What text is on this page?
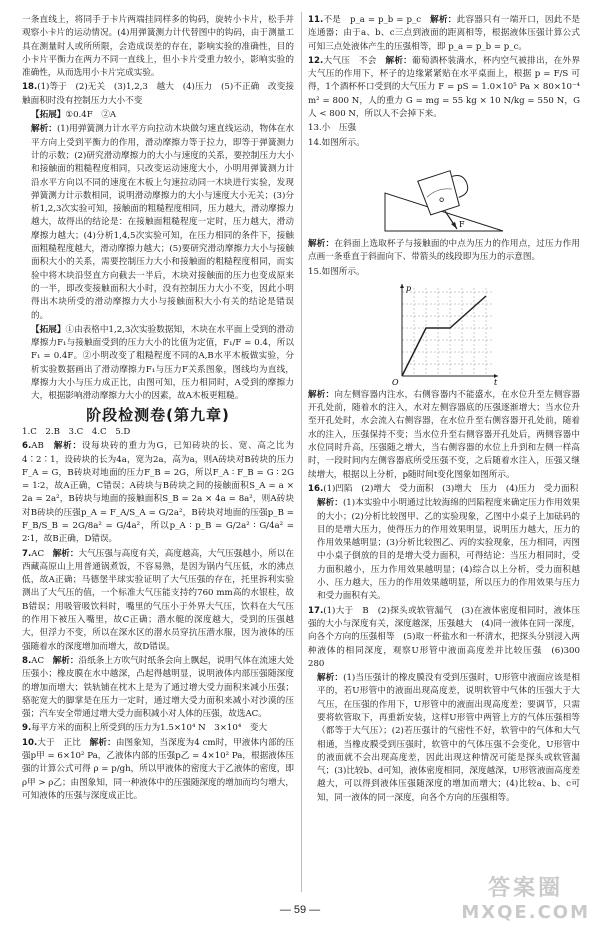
一条直线上，将同手于卡片两端挂同样多的钩码，旋转小卡片，松手并观察小卡片的运动情况。(4)用弹簧测力计代替图中的钩码，由于测量工具在测量时人或所所限，会造成误差的存在，影响实验的准确性，目的小卡片平衡力在两力不同一直线上，但小卡片受重力较小，影响实验的准确性，从而选用小卡片完成实验。

18.(1)等于　(2)无关　(3)1,2,3　越大　(4)压力　(5)不正确　改变接触面积时没有控制压力大小不变

【拓展】①0.4F　②A

解析：(1)用弹簧测力计水平方向拉动木块做匀速直线运动，物体在水平方向上受到平衡力的作用，滑动摩擦力等于拉力，即等于弹簧测力计的示数；(2)研究滑动摩擦力的大小与速度的关系，要控制压力大小和接触面的粗糙程度相同，只改变运动速度大小，小明用弹簧测力计沿水平方向以不同的速度在木板上匀速拉动同一木块进行实验，发现弹簧测力计示数相同，说明滑动摩擦力的大小与速度大小无关；(3)分析1,2,3次实验可知，接触面的粗糙程度相同，压力越大，滑动摩擦力越大，故得出的结论是：在接触面粗糙程度一定时，压力越大，滑动摩擦力越大；(4)分析1,4,5次实验可知，在压力相同的条件下，接触面粗糙程度越大，滑动摩擦力越大；(5)要研究滑动摩擦力大小与接触面积大小的关系，需要控制压力大小和接触面的粗糙程度相同，而实验中将木块沿竖直方向截去一半后，木块对接触面的压力也变成原来的一半，即改变接触面积大小时，没有控制压力大小不变，因此小明得出木块所受的滑动摩擦力大小与接触面积大小有关的结论是错误的。

【拓展】①由表格中1,2,3次实验数据知，木块在水平面上受到的滑动摩擦力F₁与接触面受到的压力大小的比值为定值，F₁/F = 0.4，所以 F₁ = 0.4F。②小明改变了粗糙程度不同的A,B水平木板做实验，分析实验数据画出了滑动摩擦力F₁与压力F关系图象，图线均为直线，摩擦力大小与压力成正比，由图可知，压力相同时，A受到的摩擦力大，根据影响滑动摩擦力大小的因素，故A木板更粗糙。

阶段检测卷(第九章)

1.C　2.B　3.C　4.C　5.D

6.AB　解析：设每块砖的重力为G，已知砖块的长、宽、高之比为4∶2∶1，设砖块的长为4a，宽为2a，高为a，则A砖块对B砖块的压力F_A = G，B砖块对地面的压力F_B = 2G，所以F_A ∶ F_B = G ∶ 2G = 1∶2，故A正确，C错误；A砖块与B砖块之间的接触面积S_A = a × 2a = 2a²，B砖块与地面的接触面积S_B = 2a × 4a = 8a²，则A砖块对B砖块的压强p_A = F_A/S_A = G/2a²，B砖块对地面的压强p_B = F_B/S_B = 2G/8a² = G/4a²，所以p_A ∶ p_B = G/2a² ∶ G/4a² = 2∶1，故B正确，D错误。

7.AC　解析：大气压强与高度有关，高度越高，大气压强越小，所以在西藏高原山上用普通锅煮饭，不容易熟，是因为锅内气压低，水的沸点低，故A正确；马德堡半球实验证明了大气压强的存在，托里拆利实验测出了大气压的值，一个标准大气压能支持约760 mm高的水银柱，故B错误；用吸管吸饮料时，嘴里的气压小于外界大气压，饮料在大气压的作用下被压入嘴里，故C正确；潜水艇的深度越大，受到的压强越大，但浮力不变，所以在深水区的潜水员穿抗压潜水服，因为液体的压强随着水的深度增加而增大，故D错误。

8.AC　解析：沿纸条上方吹气时纸条会向上飘起，说明气体在流速大处压强小；橡皮膜在水中越深，凸起得越明显，说明液体内部压强随深度的增加而增大；铁轨铺在枕木上是为了通过增大受力面积来减小压强；骆驼宽大的脚掌是在压力一定时，通过增大受力面积来减小对沙漠的压强；汽车安全带通过增大受力面积减小对人体的压强，故选AC。

9.每平方米的面积上所受到的压力为1.5×10⁴ N　3×10⁴　变大

10.大于　正比　解析：由图象知，当深度为4 cm时，甲液体内部的压强p甲 = 6×10² Pa，乙液体内部的压强p乙 = 4×10² Pa，根据液体压强的计算公式可得 ρ = p/gh，所以甲液体的密度大于乙液体的密度，即ρ甲 > ρ乙；由图象知，同一种液体中的压强随深度的增加而均匀增大，可知液体的压强与深度成正比。

11.不是　p_a = p_b = p_c　解析：此容器只有一端开口，因此不是连通器；由于a、b、c三点到液面的距离相等，根据液体压强计算公式可知三点处液体产生的压强相等，即 p_a = p_b = p_c。

12.大气压　不会　解析：葡萄酒杯装满水，杯内空气被排出，在外界大气压的作用下，杯子的边缘紧紧贴在水平桌面上，根据 p = F/S 可得，1个酒杯杯口受到的大气压力 F = pS = 1.0×10⁵ Pa × 80×10⁻⁴ m² = 800 N，人的重力 G = mg = 55 kg × 10 N/kg = 550 N，G人 < 800 N，所以人不会掉下来。

13.小　压强

14.如图所示。

F

解析：在斜面上选取杯子与接触面的中点为压力的作用点，过压力作用点画一条垂直于斜面向下、带箭头的线段即为压力的示意图。

15.如图所示。

p
t
O

解析：向左侧容器内注水，右侧容器内不能盛水，在水位升至左侧容器开孔处前，随着水的注入，水对左侧容器底的压强逐渐增大；当水位升至开孔处时，水会流入右侧容器，在水位升至右侧容器开孔处前，随着水的注入，压强保持不变；当水位升至右侧容器开孔处后，两侧容器中水位同时升高，压强随之增大，当右侧容器的水位上升到和左侧一样高时，一段时间内左侧容器底所受压强不变，之后随着水注入，压强又继续增大，根据以上分析，p随时间t变化图象如图所示。

16.(1)凹陷　(2)增大　受力面积　(3)增大　压力　(4)压力　受力面积

解析：(1)本实验中小明通过比较海绵的凹陷程度来确定压力作用效果的大小；(2)分析比较图甲、乙的实验现象，乙图中小桌子上加砝码的目的是增大压力，使得压力的作用效果明显，说明压力越大，压力的作用效果越明显；(3)分析比较图乙、丙的实验现象，压力相同，丙图中小桌子倒放的目的是增大受力面积，可得结论：当压力相同时，受力面积越小，压力作用效果越明显；(4)综合以上分析，受力面积越小、压力越大，压力的作用效果越明显，所以压力的作用效果与压力和受力面积有关。

17.(1)大于　B　(2)探头或软管漏气　(3)在液体密度相同时，液体压强的大小与深度有关，深度越深，压强越大　(4)同一液体在同一深度，向各个方向的压强相等　(5)取一杯盐水和一杯清水，把探头分别浸入两种液体的相同深度，观察U形管中液面高度差并比较压强　(6)300　280

解析：(1)当压强计的橡皮膜没有受到压强时，U形管中液面应该是相平的，若U形管中的液面出现高度差，说明软管中气体的压强大于大气压，在压强的作用下，U形管中的液面出现高度差；要调节，只需要将软管取下，再重新安装，这样U形管中两管上方的气体压强相等（都等于大气压）；(2)若压强计的气密性不好，软管中的气体和大气相通，当橡皮膜受到压强时，软管中的气体压强不会变化，U形管中的液面就不会出现高度差，因此出现这种情况可能是探头或软管漏气；(3)比较b、d可知，液体密度相同，深度越深，U形管液面高度差越大，可以得到液体压强随深度的增加而增大；(4)比较a、b、c可知，同一液体的同一深度，向各个方向的压强相等。

— 59 —
答案圈
MXQE.COM
